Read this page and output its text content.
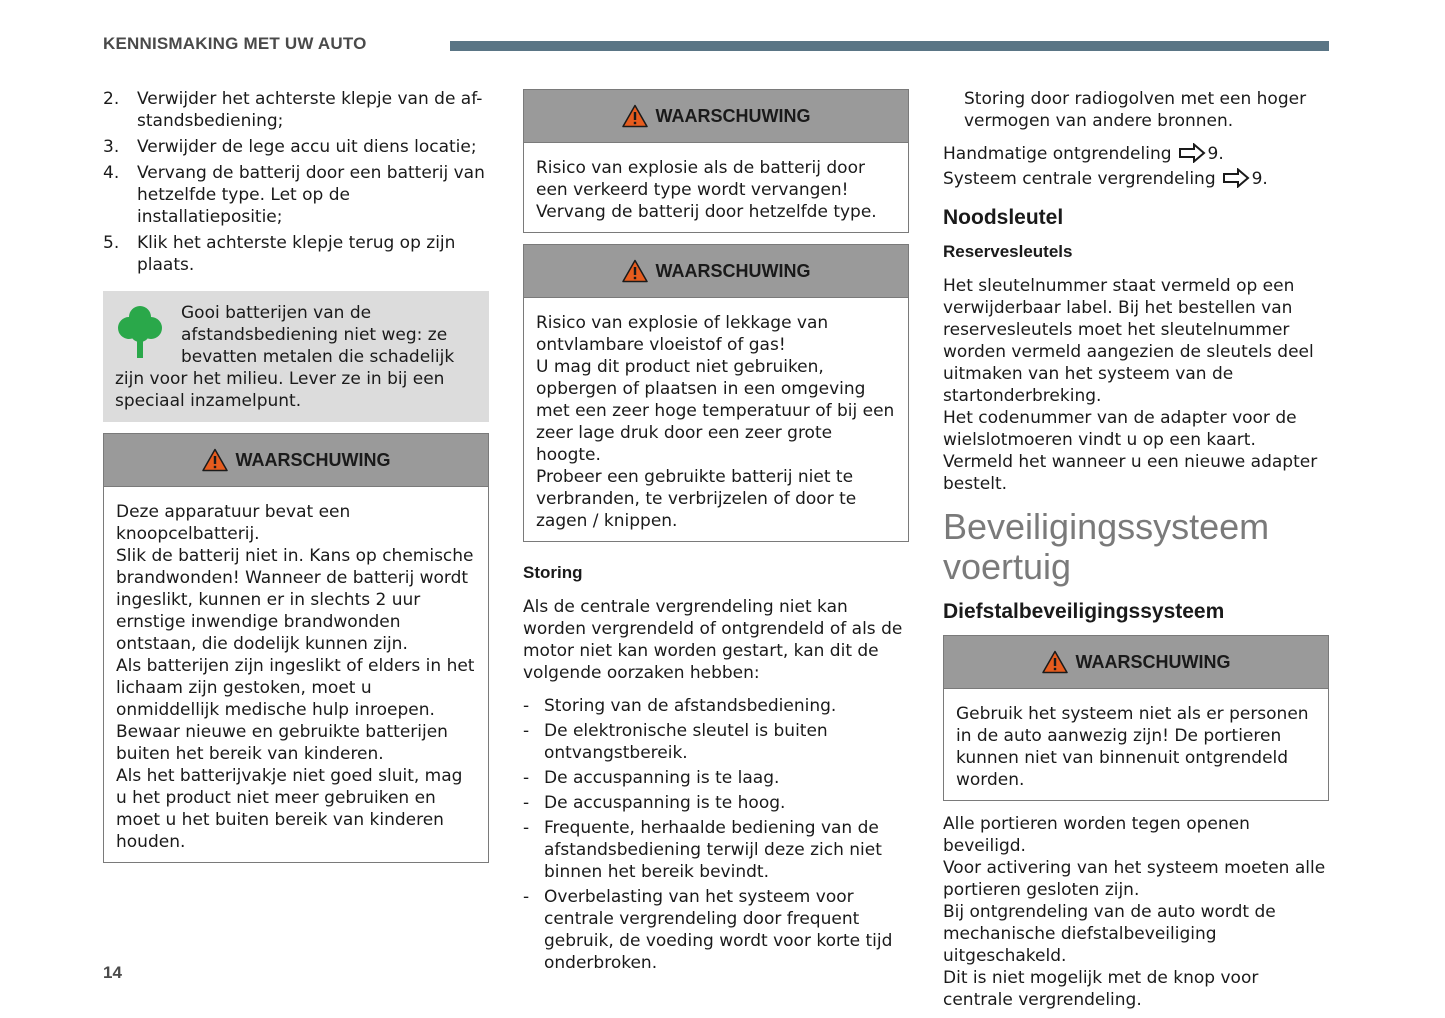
KENNISMAKING MET UW AUTO
2. Verwijder het achterste klepje van de af-standsbediening;
3. Verwijder de lege accu uit diens locatie;
4. Vervang de batterij door een batterij van hetzelfde type. Let op de installatiepositie;
5. Klik het achterste klepje terug op zijn plaats.
Gooi batterijen van de afstandsbediening niet weg: ze bevatten metalen die schadelijk zijn voor het milieu. Lever ze in bij een speciaal inzamelpunt.
WAARSCHUWING

Deze apparatuur bevat een knoopcelbatterij.

Slik de batterij niet in. Kans op chemische brandwonden! Wanneer de batterij wordt ingeslikt, kunnen er in slechts 2 uur ernstige inwendige brandwonden ontstaan, die dodelijk kunnen zijn.

Als batterijen zijn ingeslikt of elders in het lichaam zijn gestoken, moet u onmiddellijk medische hulp inroepen.

Bewaar nieuwe en gebruikte batterijen buiten het bereik van kinderen.

Als het batterijvakje niet goed sluit, mag u het product niet meer gebruiken en moet u het buiten bereik van kinderen houden.

WAARSCHUWING

Risico van explosie als de batterij door een verkeerd type wordt vervangen! Vervang de batterij door hetzelfde type.

WAARSCHUWING

Risico van explosie of lekkage van ontvlambare vloeistof of gas!

U mag dit product niet gebruiken, opbergen of plaatsen in een omgeving met een zeer hoge temperatuur of bij een zeer lage druk door een zeer grote hoogte.

Probeer een gebruikte batterij niet te verbranden, te verbrijzelen of door te zagen / knippen.

Storing

Als de centrale vergrendeling niet kan worden vergrendeld of ontgrendeld of als de motor niet kan worden gestart, kan dit de volgende oorzaken hebben:

- Storing van de afstandsbediening.
- De elektronische sleutel is buiten ontvangstbereik.
- De accuspanning is te laag.
- De accuspanning is te hoog.
- Frequente, herhaalde bediening van de afstandsbediening terwijl deze zich niet binnen het bereik bevindt.
- Overbelasting van het systeem voor centrale vergrendeling door frequent gebruik, de voeding wordt voor korte tijd onderbroken.

Storing door radiogolven met een hoger vermogen van andere bronnen.

Handmatige ontgrendeling 9.

Systeem centrale vergrendeling 9.

Noodsleutel
Reservesleutels

Het sleutelnummer staat vermeld op een verwijderbaar label. Bij het bestellen van reservesleutels moet het sleutelnummer worden vermeld aangezien de sleutels deel uitmaken van het systeem van de startonderbreking.

Het codenummer van de adapter voor de wielslotmoeren vindt u op een kaart. Vermeld het wanneer u een nieuwe adapter bestelt.

Beveiligingssysteem voertuig
Diefstalbeveiligingssysteem
WAARSCHUWING

Gebruik het systeem niet als er personen in de auto aanwezig zijn! De portieren kunnen niet van binnenuit ontgrendeld worden.

Alle portieren worden tegen openen beveiligd.

Voor activering van het systeem moeten alle portieren gesloten zijn.

Bij ontgrendeling van de auto wordt de mechanische diefstalbeveiliging uitgeschakeld.

Dit is niet mogelijk met de knop voor centrale vergrendeling.

14
